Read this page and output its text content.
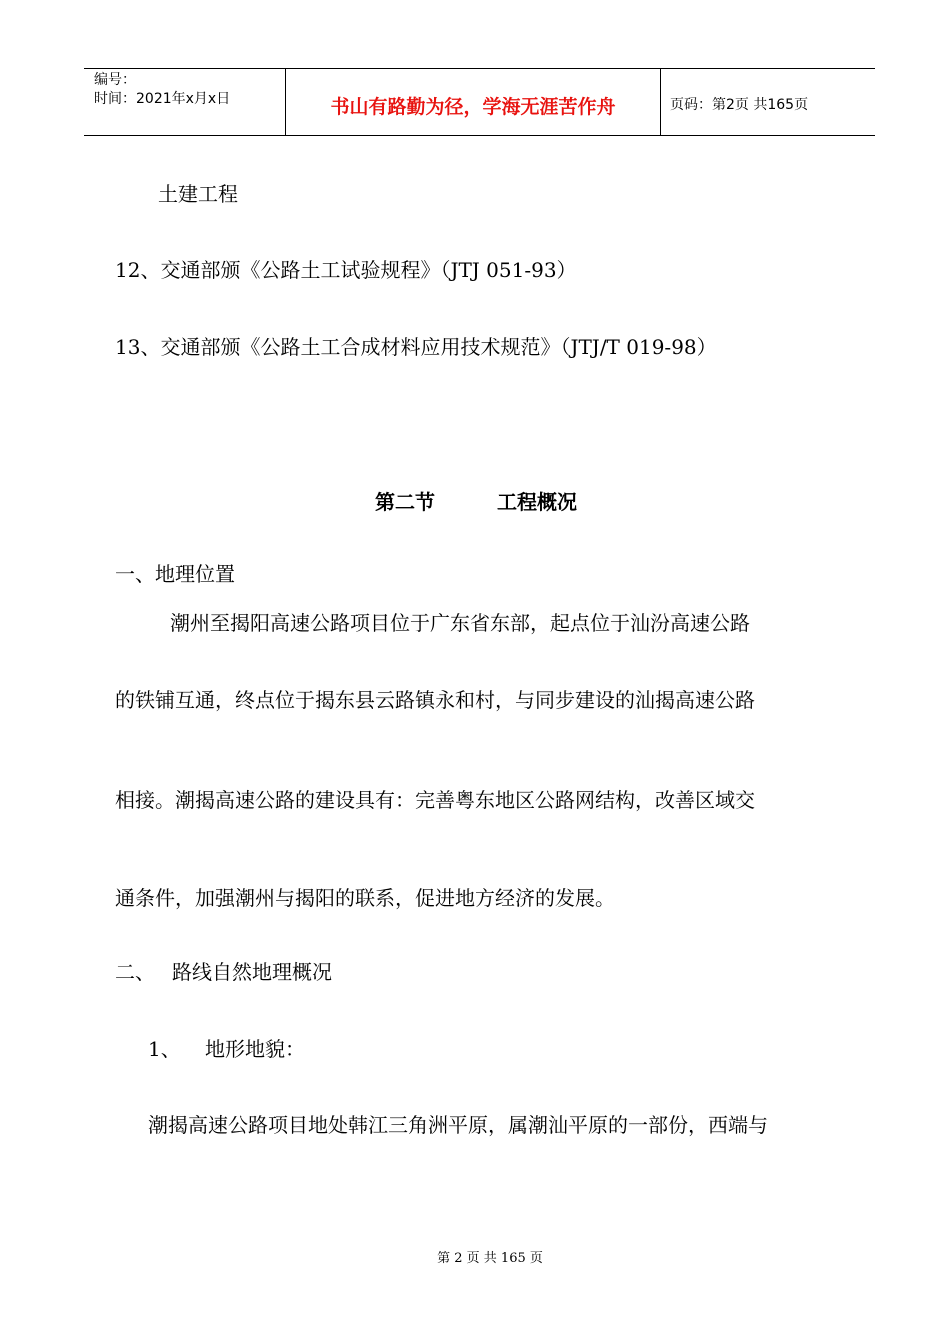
编号：
时间：2021年x月x日	书山有路勤为径，学海无涯苦作舟	页码：第2页 共165页
土建工程
12、交通部颁《公路土工试验规程》（JTJ 051-93）
13、交通部颁《公路土工合成材料应用技术规范》（JTJ/T 019-98）
第二节	工程概况
一、地理位置
潮州至揭阳高速公路项目位于广东省东部，起点位于汕汾高速公路
的铁铺互通，终点位于揭东县云路镇永和村，与同步建设的汕揭高速公路
相接。潮揭高速公路的建设具有：完善粤东地区公路网结构，改善区域交
通条件，加强潮州与揭阳的联系，促进地方经济的发展。
二、 路线自然地理概况
1、 地形地貌：
潮揭高速公路项目地处韩江三角洲平原，属潮汕平原的一部份，西端与
第 2 页 共 165 页
